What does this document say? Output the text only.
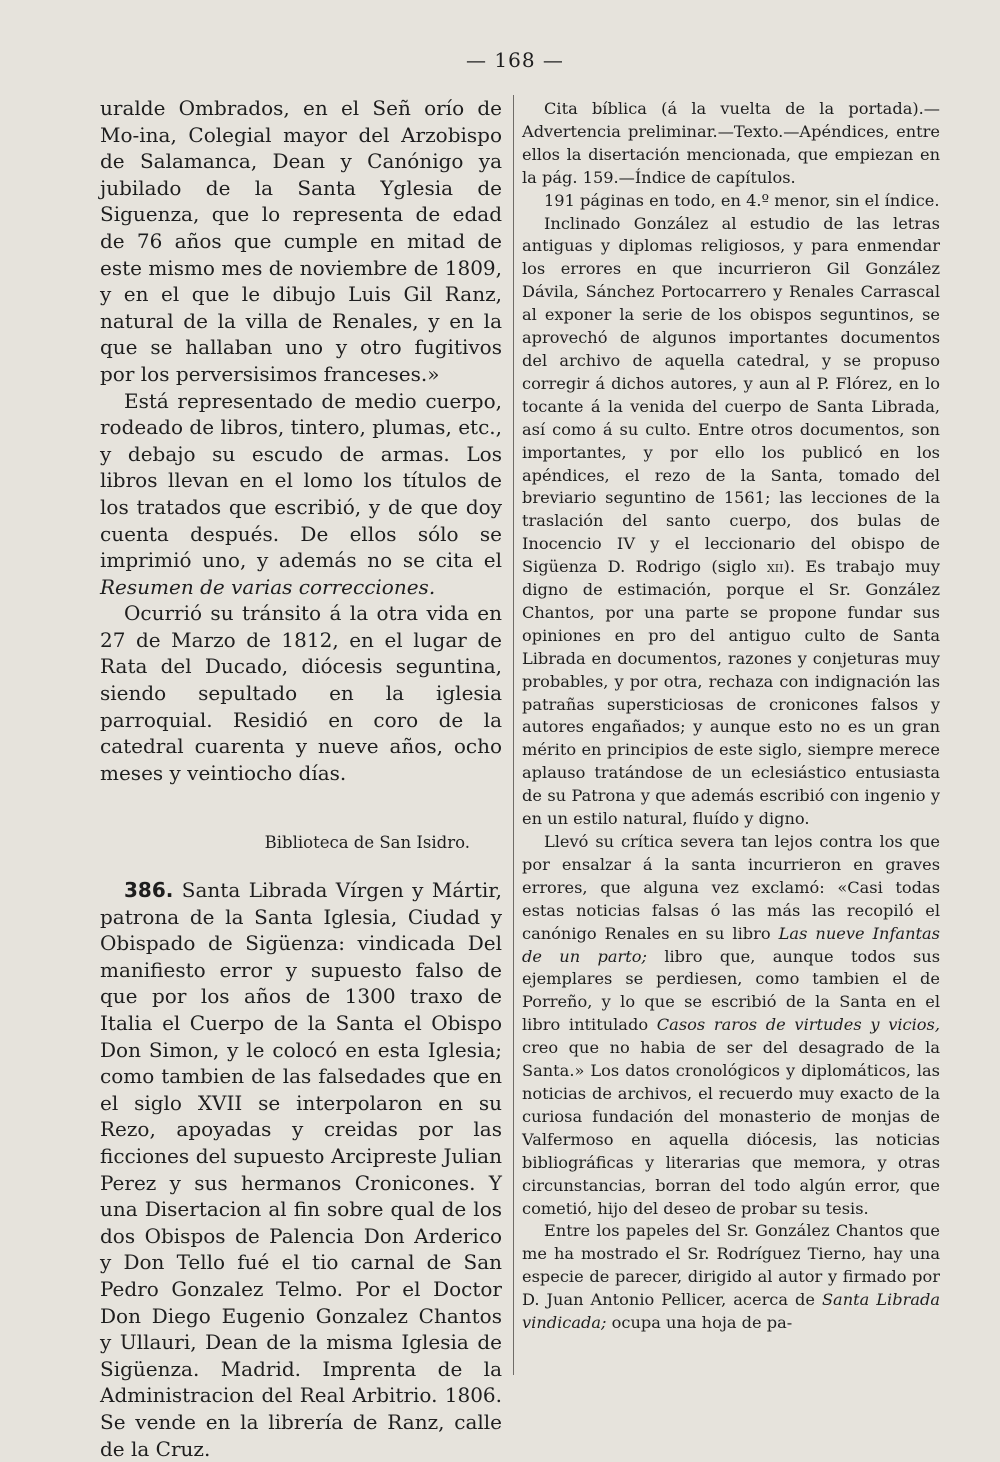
— 168 —

uralde Ombrados, en el Señ orío de Mo-ina, Colegial mayor del Arzobispo de Salamanca, Dean y Canónigo ya jubilado de la Santa Yglesia de Siguenza, que lo representa de edad de 76 años que cumple en mitad de este mismo mes de noviembre de 1809, y en el que le dibujo Luis Gil Ranz, natural de la villa de Renales, y en la que se hallaban uno y otro fugitivos por los perversisimos franceses.»

Está representado de medio cuerpo, rodeado de libros, tintero, plumas, etc., y debajo su escudo de armas. Los libros llevan en el lomo los títulos de los tratados que escribió, y de que doy cuenta después. De ellos sólo se imprimió uno, y además no se cita el Resumen de varias correcciones.

Ocurrió su tránsito á la otra vida en 27 de Marzo de 1812, en el lugar de Rata del Ducado, diócesis seguntina, siendo sepultado en la iglesia parroquial. Residió en coro de la catedral cuarenta y nueve años, ocho meses y veintiocho días.

Biblioteca de San Isidro.

386. Santa Librada Vírgen y Mártir, patrona de la Santa Iglesia, Ciudad y Obispado de Sigüenza: vindicada Del manifiesto error y supuesto falso de que por los años de 1300 traxo de Italia el Cuerpo de la Santa el Obispo Don Simon, y le colocó en esta Iglesia; como tambien de las falsedades que en el siglo XVII se interpolaron en su Rezo, apoyadas y creidas por las ficciones del supuesto Arcipreste Julian Perez y sus hermanos Cronicones. Y una Disertacion al fin sobre qual de los dos Obispos de Palencia Don Arderico y Don Tello fué el tio carnal de San Pedro Gonzalez Telmo. Por el Doctor Don Diego Eugenio Gonzalez Chantos y Ullauri, Dean de la misma Iglesia de Sigüenza. Madrid. Imprenta de la Administracion del Real Arbitrio. 1806. Se vende en la librería de Ranz, calle de la Cruz.

Cita bíblica (á la vuelta de la portada).—Advertencia preliminar.—Texto.—Apéndices, entre ellos la disertación mencionada, que empiezan en la pág. 159.—Índice de capítulos.

191 páginas en todo, en 4.º menor, sin el índice.

Inclinado González al estudio de las letras antiguas y diplomas religiosos, y para enmendar los errores en que incurrieron Gil González Dávila, Sánchez Portocarrero y Renales Carrascal al exponer la serie de los obispos seguntinos, se aprovechó de algunos importantes documentos del archivo de aquella catedral, y se propuso corregir á dichos autores, y aun al P. Flórez, en lo tocante á la venida del cuerpo de Santa Librada, así como á su culto. Entre otros documentos, son importantes, y por ello los publicó en los apéndices, el rezo de la Santa, tomado del breviario seguntino de 1561; las lecciones de la traslación del santo cuerpo, dos bulas de Inocencio IV y el leccionario del obispo de Sigüenza D. Rodrigo (siglo xii). Es trabajo muy digno de estimación, porque el Sr. González Chantos, por una parte se propone fundar sus opiniones en pro del antiguo culto de Santa Librada en documentos, razones y conjeturas muy probables, y por otra, rechaza con indignación las patrañas supersticiosas de cronicones falsos y autores engañados; y aunque esto no es un gran mérito en principios de este siglo, siempre merece aplauso tratándose de un eclesiástico entusiasta de su Patrona y que además escribió con ingenio y en un estilo natural, fluído y digno.

Llevó su crítica severa tan lejos contra los que por ensalzar á la santa incurrieron en graves errores, que alguna vez exclamó: «Casi todas estas noticias falsas ó las más las recopiló el canónigo Renales en su libro Las nueve Infantas de un parto; libro que, aunque todos sus ejemplares se perdiesen, como tambien el de Porreño, y lo que se escribió de la Santa en el libro intitulado Casos raros de virtudes y vicios, creo que no habia de ser del desagrado de la Santa.» Los datos cronológicos y diplomáticos, las noticias de archivos, el recuerdo muy exacto de la curiosa fundación del monasterio de monjas de Valfermoso en aquella diócesis, las noticias bibliográficas y literarias que memora, y otras circunstancias, borran del todo algún error, que cometió, hijo del deseo de probar su tesis.

Entre los papeles del Sr. González Chantos que me ha mostrado el Sr. Rodríguez Tierno, hay una especie de parecer, dirigido al autor y firmado por D. Juan Antonio Pellicer, acerca de Santa Librada vindicada; ocupa una hoja de pa-
